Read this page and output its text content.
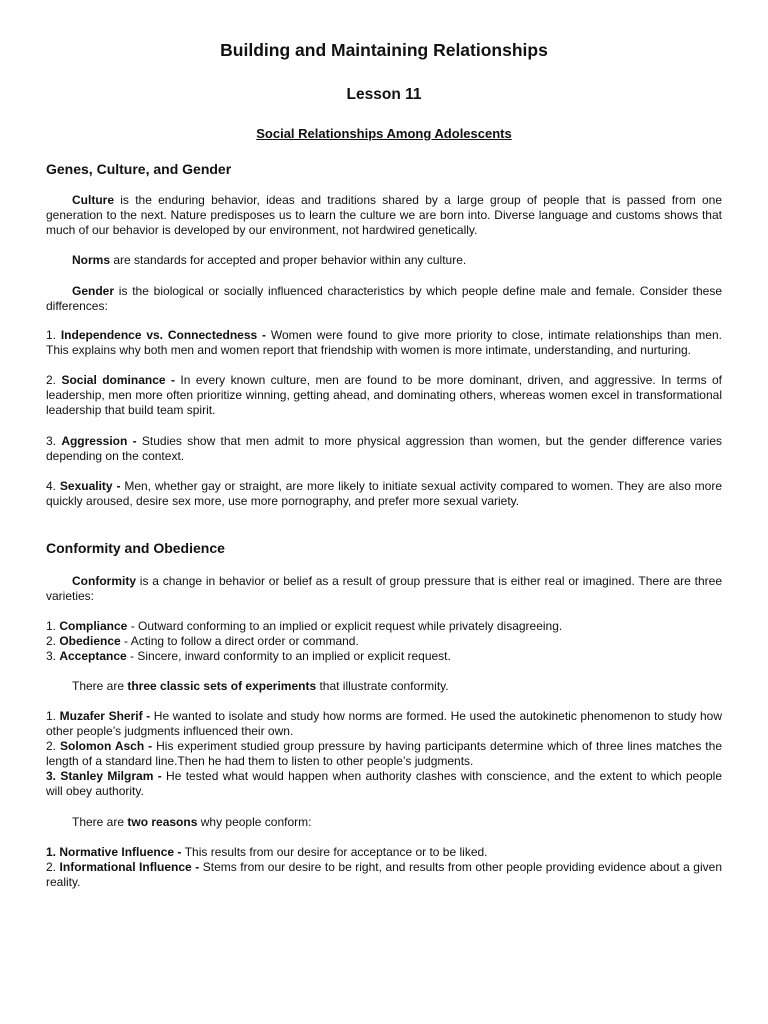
Building and Maintaining Relationships
Lesson 11
Social Relationships Among Adolescents
Genes, Culture, and Gender
Culture is the enduring behavior, ideas and traditions shared by a large group of people that is passed from one generation to the next. Nature predisposes us to learn the culture we are born into. Diverse language and customs shows that much of our behavior is developed by our environment, not hardwired genetically.
Norms are standards for accepted and proper behavior within any culture.
Gender is the biological or socially influenced characteristics by which people define male and female. Consider these differences:
1. Independence vs. Connectedness - Women were found to give more priority to close, intimate relationships than men. This explains why both men and women report that friendship with women is more intimate, understanding, and nurturing.
2. Social dominance - In every known culture, men are found to be more dominant, driven, and aggressive. In terms of leadership, men more often prioritize winning, getting ahead, and dominating others, whereas women excel in transformational leadership that build team spirit.
3. Aggression - Studies show that men admit to more physical aggression than women, but the gender difference varies depending on the context.
4. Sexuality - Men, whether gay or straight, are more likely to initiate sexual activity compared to women. They are also more quickly aroused, desire sex more, use more pornography, and prefer more sexual variety.
Conformity and Obedience
Conformity is a change in behavior or belief as a result of group pressure that is either real or imagined. There are three varieties:
1. Compliance - Outward conforming to an implied or explicit request while privately disagreeing.
2. Obedience - Acting to follow a direct order or command.
3. Acceptance - Sincere, inward conformity to an implied or explicit request.
There are three classic sets of experiments that illustrate conformity.
1. Muzafer Sherif - He wanted to isolate and study how norms are formed. He used the autokinetic phenomenon to study how other people’s judgments influenced their own.
2. Solomon Asch - His experiment studied group pressure by having participants determine which of three lines matches the length of a standard line.Then he had them to listen to other people’s judgments.
3. Stanley Milgram - He tested what would happen when authority clashes with conscience, and the extent to which people will obey authority.
There are two reasons why people conform:
1. Normative Influence - This results from our desire for acceptance or to be liked.
2. Informational Influence - Stems from our desire to be right, and results from other people providing evidence about a given reality.
